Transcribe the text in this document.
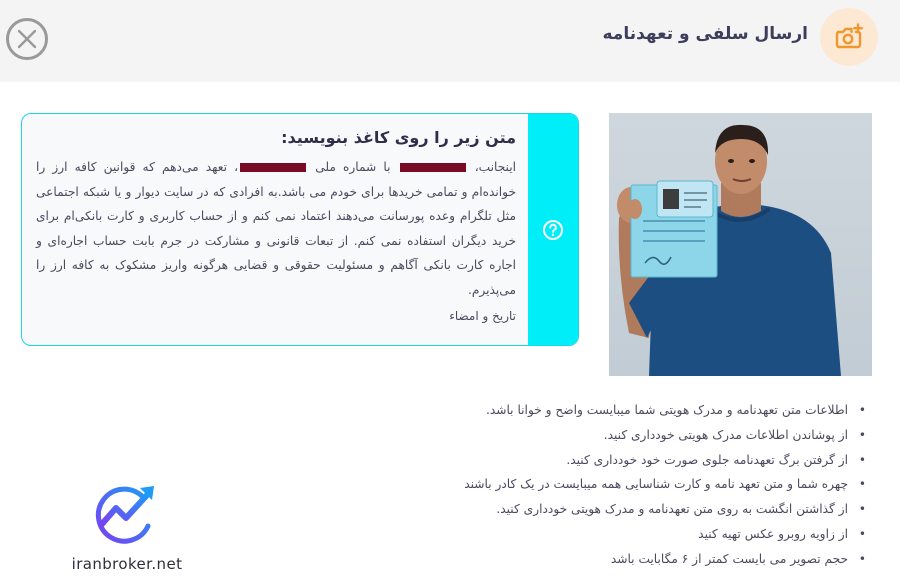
ارسال سلفی و تعهدنامه
متن زیر را روی کاغذ بنویسید:
اینجانب،  با شماره ملی ، تعهد می‌دهم که قوانین کافه ارز را خوانده‌ام و تمامی خریدها برای خودم می باشد.به افرادی که در سایت دیوار و یا شبکه اجتماعی مثل تلگرام وعده پورسانت می‌دهند اعتماد نمی کنم و از حساب کاربری و کارت بانکی‌ام برای خرید دیگران استفاده نمی کنم. از تبعات قانونی و مشارکت در جرم بابت حساب اجاره‌ای و اجاره کارت بانکی آگاهم و مسئولیت حقوقی و قضایی هرگونه واریز مشکوک به کافه ارز را می‌پذیرم.
تاریخ و امضاء
• اطلاعات متن تعهدنامه و مدرک هویتی شما میبایست واضح و خوانا باشد.
• از پوشاندن اطلاعات مدرک هویتی خودداری کنید.
• از گرفتن برگ تعهدنامه جلوی صورت خود خودداری کنید.
• چهره شما و متن تعهد نامه و کارت شناسایی همه میبایست در یک کادر باشند
• از گذاشتن انگشت به روی متن تعهدنامه و مدرک هویتی خودداری کنید.
• از زاویه روبرو عکس تهیه کنید
• حجم تصویر می بایست کمتر از ۶ مگابایت باشد
iranbroker.net
